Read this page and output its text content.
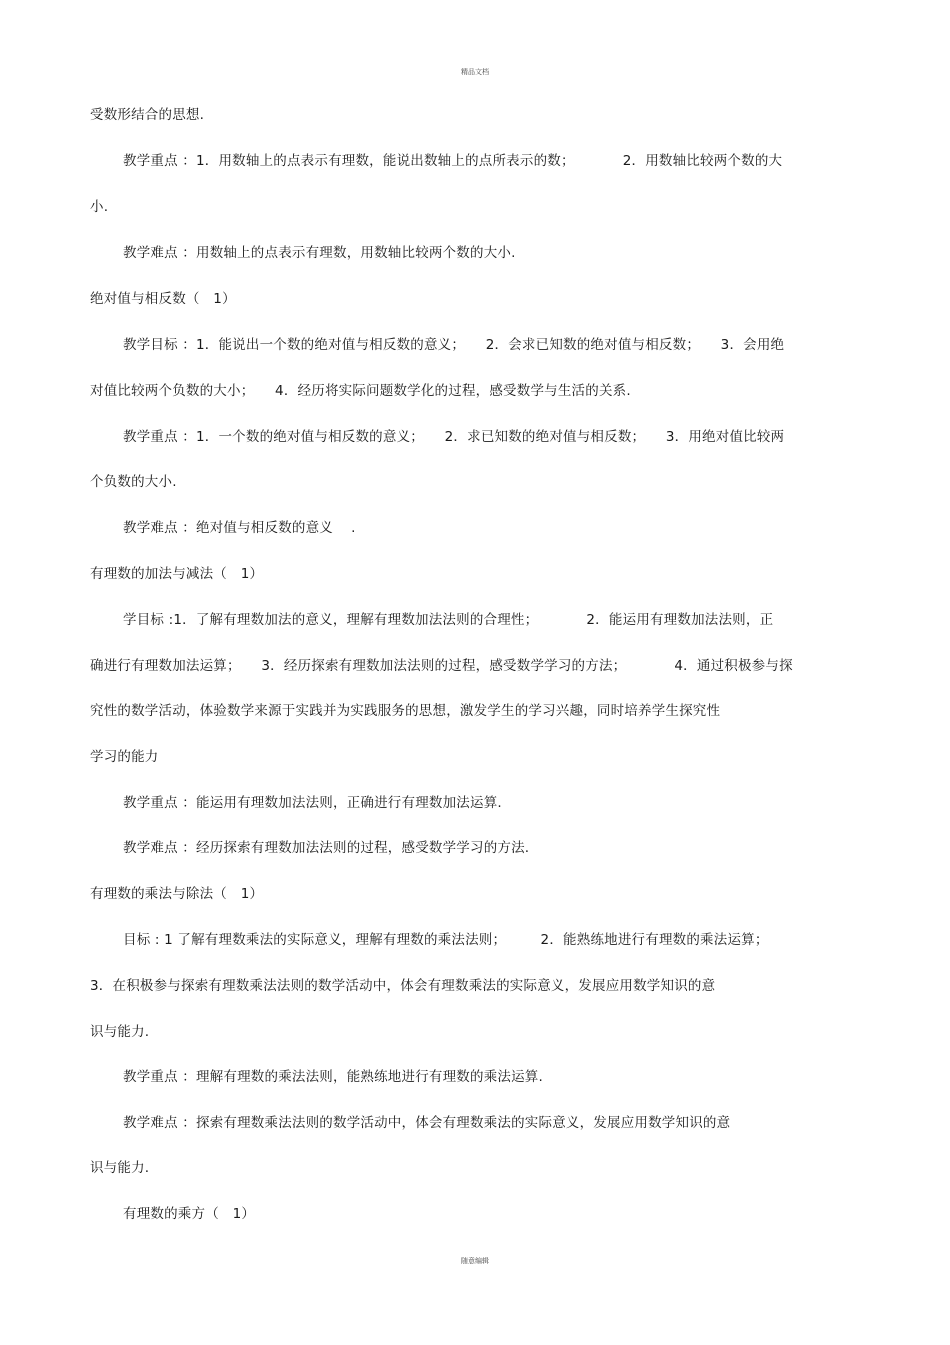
精品文档
受数形结合的思想.
教学重点 ：1．用数轴上的点表示有理数，能说出数轴上的点所表示的数；　　　　2．用数轴比较两个数的大
小.
教学难点 ：用数轴上的点表示有理数，用数轴比较两个数的大小.
绝对值与相反数（　1）
教学目标 ：1．能说出一个数的绝对值与相反数的意义；　　2．会求已知数的绝对值与相反数；　　3．会用绝
对值比较两个负数的大小；　　4．经历将实际问题数学化的过程，感受数学与生活的关系.
教学重点 ：1．一个数的绝对值与相反数的意义；　　2．求已知数的绝对值与相反数；　　3．用绝对值比较两
个负数的大小.
教学难点 ：绝对值与相反数的意义　 .
有理数的加法与减法（　1）
学目标 :1．了解有理数加法的意义，理解有理数加法法则的合理性；　　　　2．能运用有理数加法法则，正
确进行有理数加法运算；　　3．经历探索有理数加法法则的过程，感受数学学习的方法；　　　　4．通过积极参与探
究性的数学活动，体验数学来源于实践并为实践服务的思想，激发学生的学习兴趣，同时培养学生探究性
学习的能力
教学重点 ：能运用有理数加法法则，正确进行有理数加法运算.
教学难点 ：经历探索有理数加法法则的过程，感受数学学习的方法.
有理数的乘法与除法（　1）
目标 : 1 了解有理数乘法的实际意义，理解有理数的乘法法则；　　　2．能熟练地进行有理数的乘法运算；
3．在积极参与探索有理数乘法法则的数学活动中，体会有理数乘法的实际意义，发展应用数学知识的意
识与能力.
教学重点 ：理解有理数的乘法法则，能熟练地进行有理数的乘法运算.
教学难点 ：探索有理数乘法法则的数学活动中，体会有理数乘法的实际意义，发展应用数学知识的意
识与能力.
有理数的乘方（　1）
随意编辑
